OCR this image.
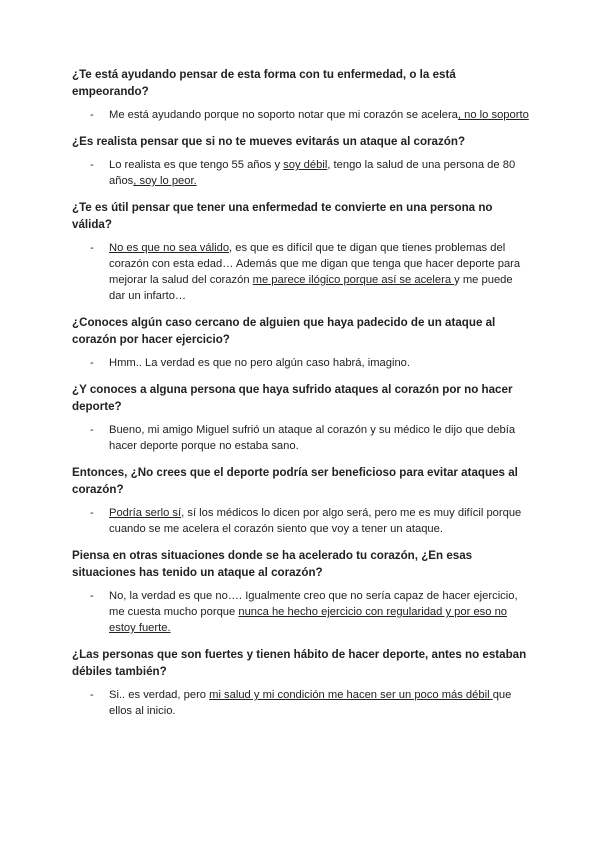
¿Te está ayudando pensar de esta forma con tu enfermedad, o la está empeorando?
- Me está ayudando porque no soporto notar que mi corazón se acelera, no lo soporto
¿Es realista pensar que si no te mueves evitarás un ataque al corazón?
- Lo realista es que tengo 55 años y soy débil, tengo la salud de una persona de 80 años, soy lo peor.
¿Te es útil pensar que tener una enfermedad te convierte en una persona no válida?
- No es que no sea válido, es que es difícil que te digan que tienes problemas del corazón con esta edad… Además que me digan que tenga que hacer deporte para mejorar la salud del corazón me parece ilógico porque así se acelera y me puede dar un infarto…
¿Conoces algún caso cercano de alguien que haya padecido de un ataque al corazón por hacer ejercicio?
- Hmm.. La verdad es que no pero algún caso habrá, imagino.
¿Y conoces a alguna persona que haya sufrido ataques al corazón por no hacer deporte?
- Bueno, mi amigo Miguel sufrió un ataque al corazón y su médico le dijo que debía hacer deporte porque no estaba sano.
Entonces, ¿No crees que el deporte podría ser beneficioso para evitar ataques al corazón?
- Podría serlo sí, sí los médicos lo dicen por algo será, pero me es muy difícil porque cuando se me acelera el corazón siento que voy a tener un ataque.
Piensa en otras situaciones donde se ha acelerado tu corazón, ¿En esas situaciones has tenido un ataque al corazón?
- No, la verdad es que no…. Igualmente creo que no sería capaz de hacer ejercicio, me cuesta mucho porque nunca he hecho ejercicio con regularidad y por eso no estoy fuerte.
¿Las personas que son fuertes y tienen hábito de hacer deporte, antes no estaban débiles también?
- Si.. es verdad, pero mi salud y mi condición me hacen ser un poco más débil que ellos al inicio.
